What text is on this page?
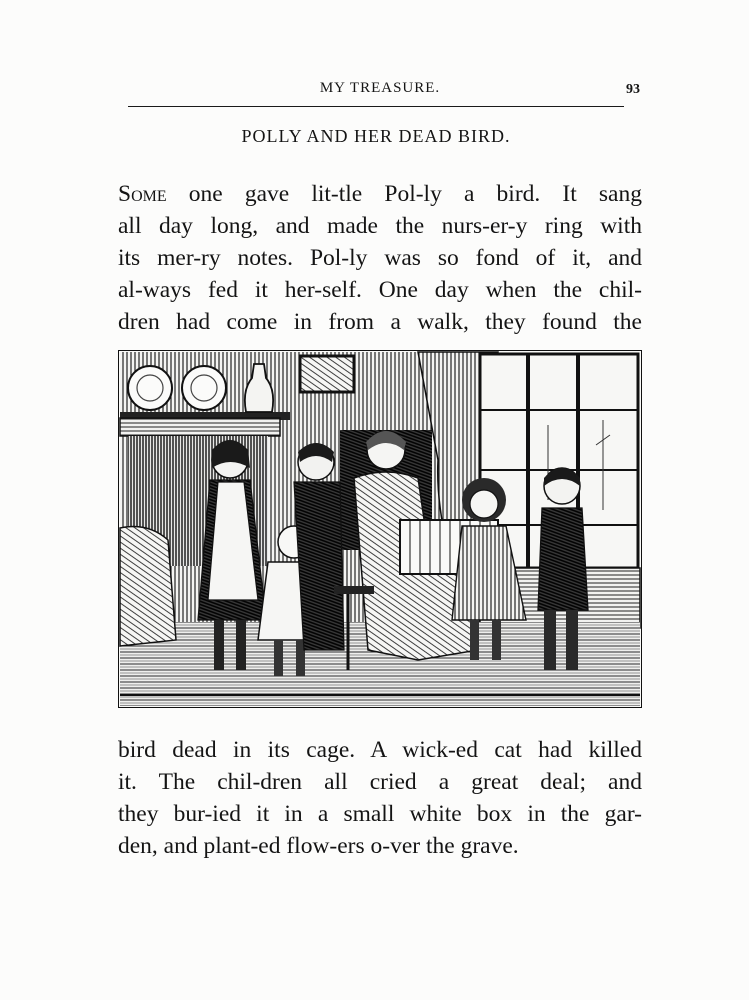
MY TREASURE.	93
POLLY AND HER DEAD BIRD.
Some one gave lit-tle Pol-ly a bird. It sang
all day long, and made the nurs-er-y ring with
its mer-ry notes. Pol-ly was so fond of it, and
al-ways fed it her-self. One day when the chil-
dren had come in from a walk, they found the
bird dead in its cage. A wick-ed cat had killed
it. The chil-dren all cried a great deal; and
they bur-ied it in a small white box in the gar-
den, and plant-ed flow-ers o-ver the grave.
